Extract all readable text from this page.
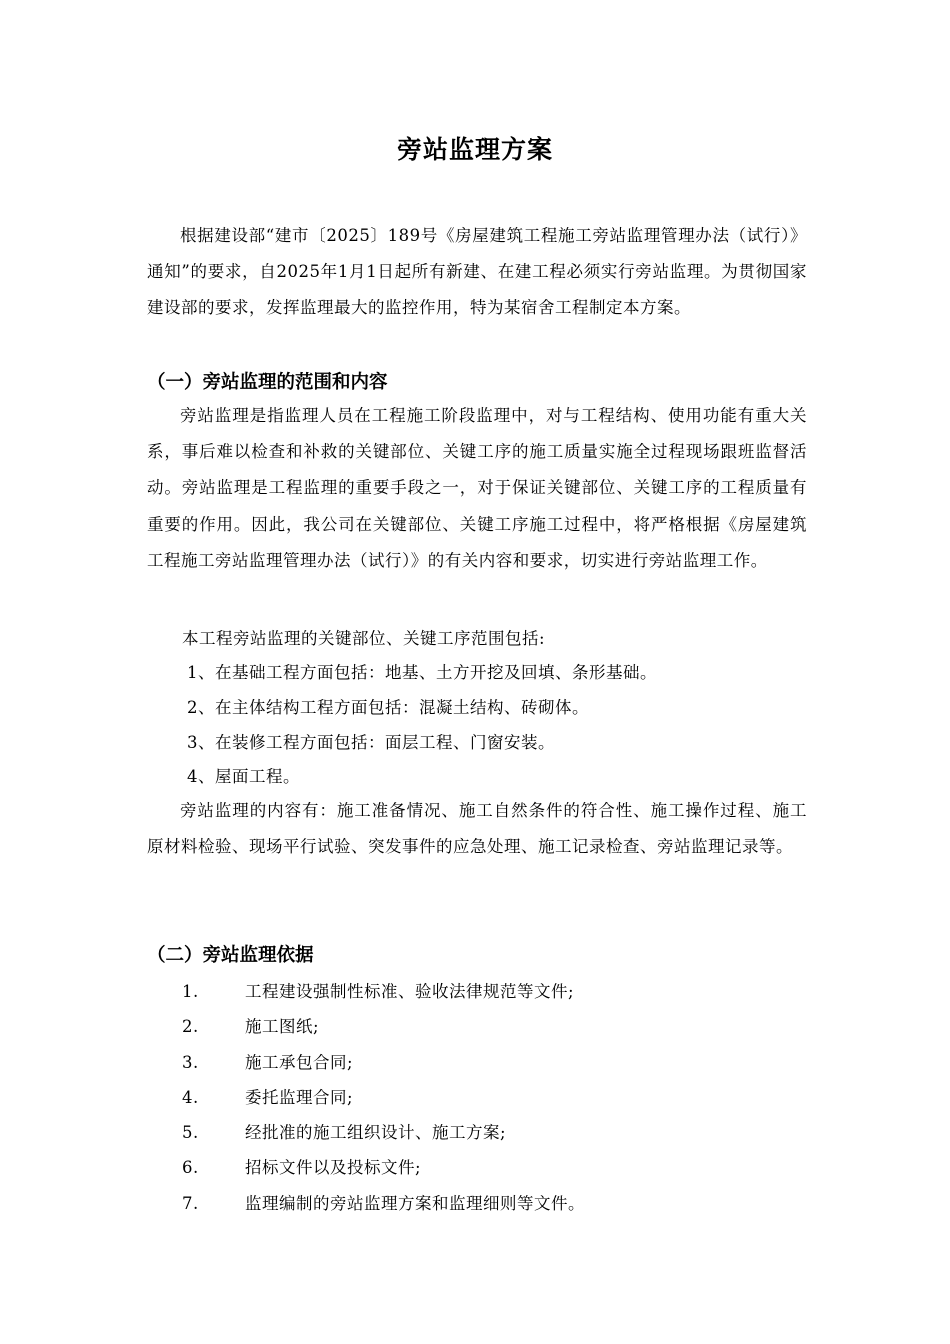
旁站监理方案

根据建设部“建市〔2025〕189号《房屋建筑工程施工旁站监理管理办法（试行）》通知”的要求，自2025年1月1日起所有新建、在建工程必须实行旁站监理。为贯彻国家建设部的要求，发挥监理最大的监控作用，特为某宿舍工程制定本方案。

（一）旁站监理的范围和内容

旁站监理是指监理人员在工程施工阶段监理中，对与工程结构、使用功能有重大关系，事后难以检查和补救的关键部位、关键工序的施工质量实施全过程现场跟班监督活动。旁站监理是工程监理的重要手段之一，对于保证关键部位、关键工序的工程质量有重要的作用。因此，我公司在关键部位、关键工序施工过程中，将严格根据《房屋建筑工程施工旁站监理管理办法（试行）》的有关内容和要求，切实进行旁站监理工作。

本工程旁站监理的关键部位、关键工序范围包括:

1、在基础工程方面包括：地基、土方开挖及回填、条形基础。

2、在主体结构工程方面包括：混凝土结构、砖砌体。

3、在装修工程方面包括：面层工程、门窗安装。

4、屋面工程。

旁站监理的内容有：施工准备情况、施工自然条件的符合性、施工操作过程、施工原材料检验、现场平行试验、突发事件的应急处理、施工记录检查、旁站监理记录等。

（二）旁站监理依据
1.	工程建设强制性标准、验收法律规范等文件;
2.	施工图纸;
3.	施工承包合同;
4.	委托监理合同;
5.	经批准的施工组织设计、施工方案;
6.	招标文件以及投标文件;
7.	监理编制的旁站监理方案和监理细则等文件。
